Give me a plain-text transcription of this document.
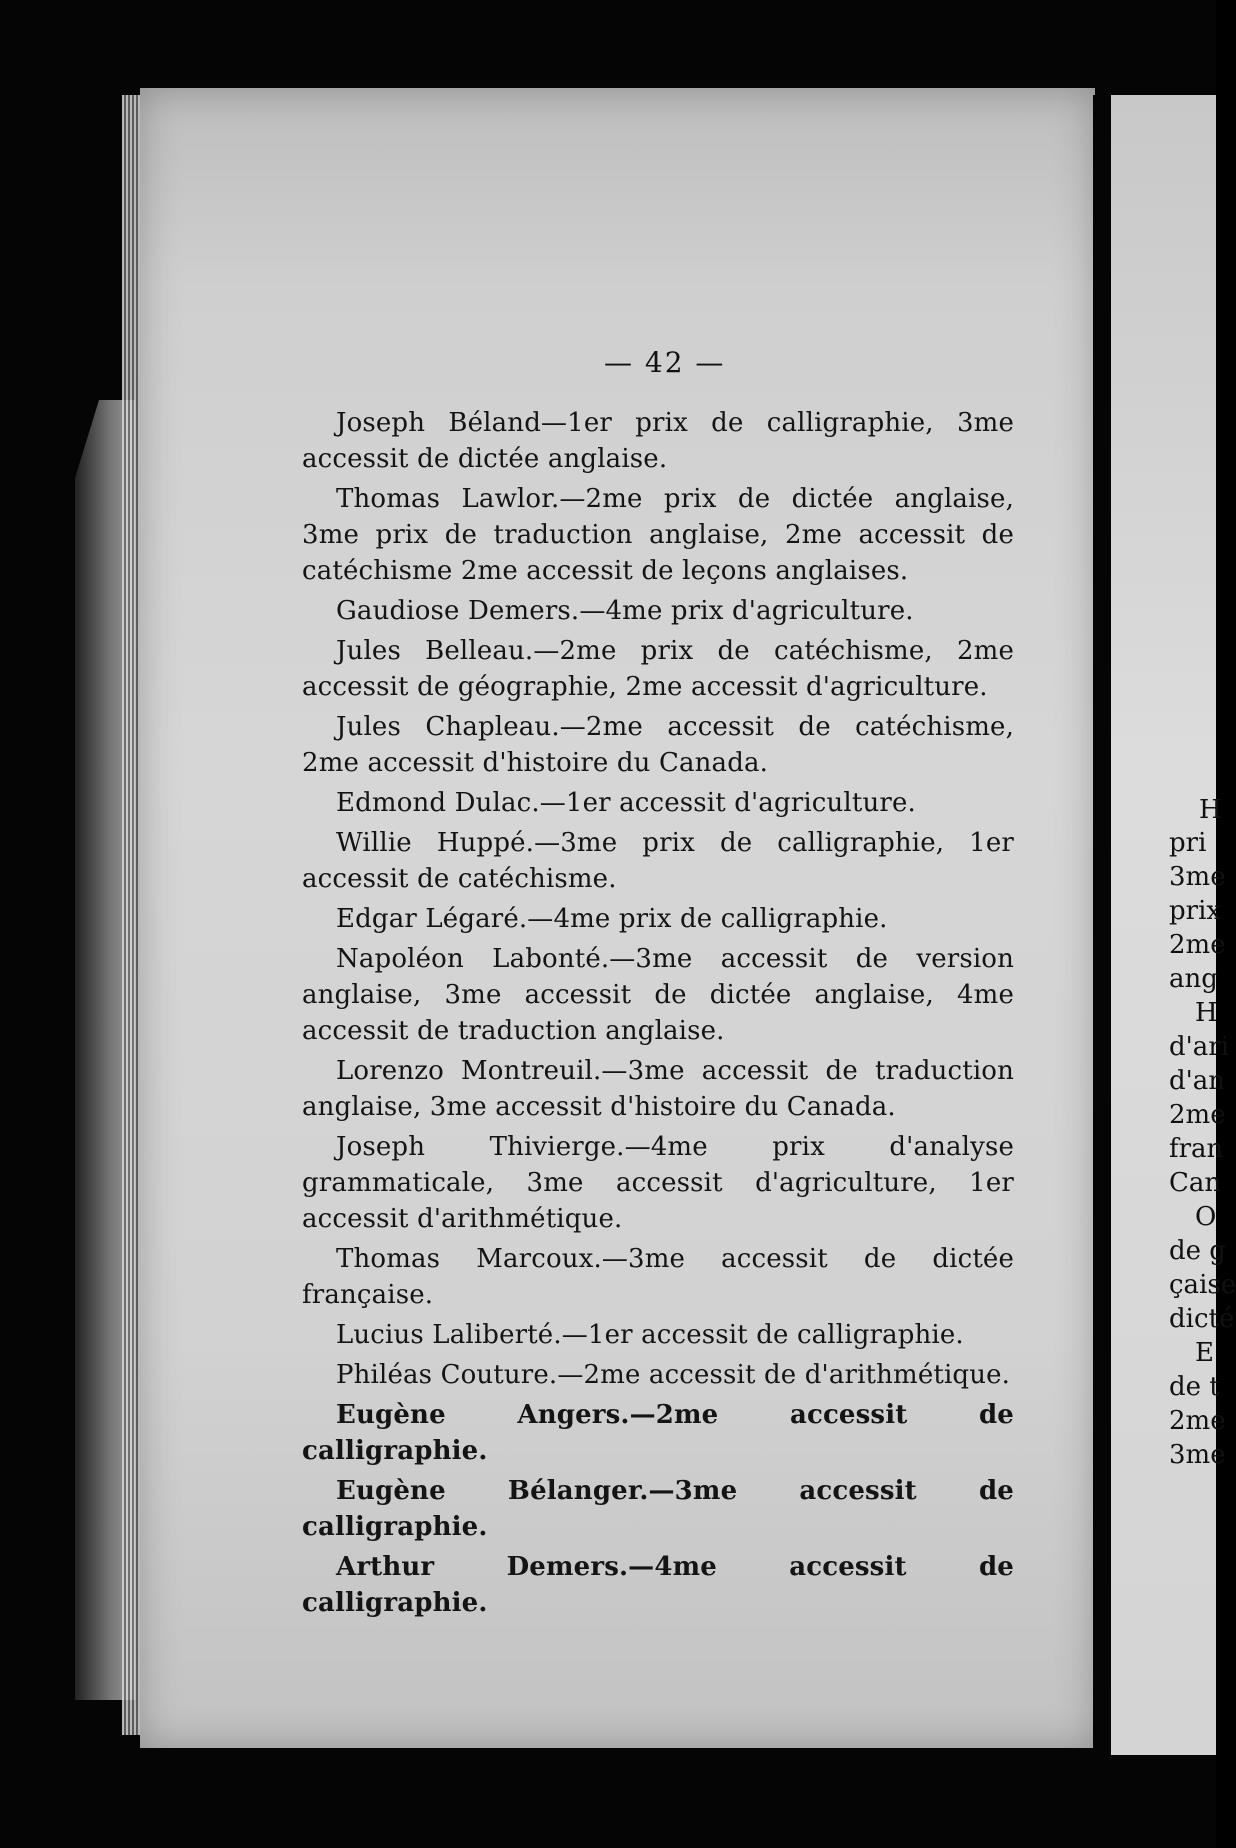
— 42 —

Joseph Béland—1er prix de calligraphie, 3me accessit de dictée anglaise.

Thomas Lawlor.—2me prix de dictée anglaise, 3me prix de traduction anglaise, 2me accessit de catéchisme 2me accessit de leçons anglaises.

Gaudiose Demers.—4me prix d'agriculture.

Jules Belleau.—2me prix de catéchisme, 2me accessit de géographie, 2me accessit d'agriculture.

Jules Chapleau.—2me accessit de catéchisme, 2me accessit d'histoire du Canada.

Edmond Dulac.—1er accessit d'agriculture.

Willie Huppé.—3me prix de calligraphie, 1er accessit de catéchisme.

Edgar Légaré.—4me prix de calligraphie.

Napoléon Labonté.—3me accessit de version anglaise, 3me accessit de dictée anglaise, 4me accessit de traduction anglaise.

Lorenzo Montreuil.—3me accessit de traduction anglaise, 3me accessit d'histoire du Canada.

Joseph Thivierge.—4me prix d'analyse grammaticale, 3me accessit d'agriculture, 1er accessit d'arithmétique.

Thomas Marcoux.—3me accessit de dictée française.

Lucius Laliberté.—1er accessit de calligraphie.

Philéas Couture.—2me accessit de d'arithmétique.

Eugène Angers.—2me accessit de calligraphie.

Eugène Bélanger.—3me accessit de calligraphie.

Arthur Demers.—4me accessit de calligraphie.

H
pri
3me
prix
2me
ang
H
d'ari
d'an
2me
fran
Can
O
de g
çaise
dicté
E
de t
2me
3me
